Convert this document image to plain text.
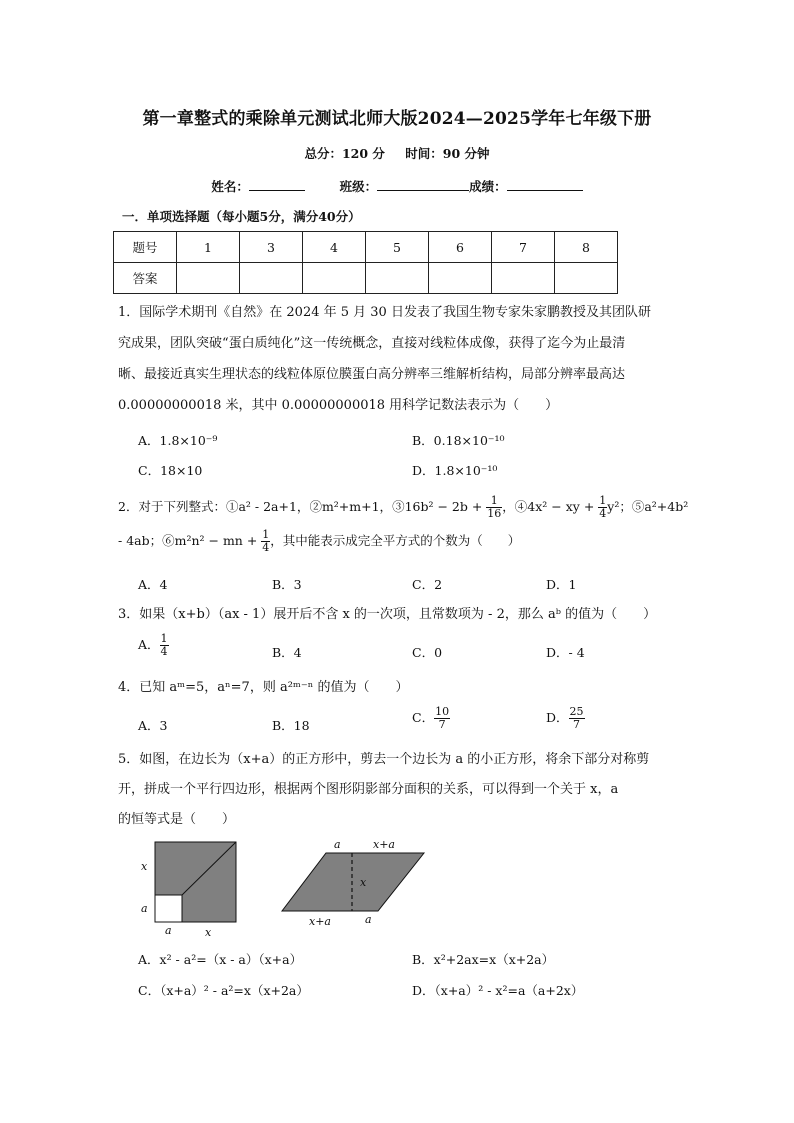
第一章整式的乘除单元测试北师大版2024—2025学年七年级下册
总分：120 分 时间：90 分钟
姓名：	班级：	成绩：
一．单项选择题（每小题5分，满分40分）
题号	1	3	4	5	6	7	8
答案							
1．国际学术期刊《自然》在 2024 年 5 月 30 日发表了我国生物专家朱家鹏教授及其团队研
究成果，团队突破“蛋白质纯化”这一传统概念，直接对线粒体成像，获得了迄今为止最清
晰、最接近真实生理状态的线粒体原位膜蛋白高分辨率三维解析结构，局部分辨率最高达
0.00000000018 米，其中 0.00000000018 用科学记数法表示为（　　）
A．1.8×10⁻⁹	B．0.18×10⁻¹⁰
C．18×10	D．1.8×10⁻¹⁰
2．对于下列整式：①a² - 2a+1，②m²+m+1，③16b² − $2b + \frac{1}{16}$ ，④4x² − xy + $\frac{1}{4} y^2$；⑤a²+4b²
- 4ab；⑥m²n² − mn + $\frac{1}{4}$ ，其中能表示成完全平方式的个数为（　　）
A．4	B．3	C．2	D．1
3．如果（x+b）（ax - 1）展开后不含 x 的一次项，且常数项为 - 2，那么 aᵇ 的值为（　　）
A． $\frac{1}{4}$	B．4	C．0	D．- 4
4．已知 aᵐ=5，aⁿ=7，则 a²ᵐ⁻ⁿ 的值为（　　）
A．3	B．18
C． $\frac{10}{7}$	D． $\frac{25}{7}$
5．如图，在边长为（x+a）的正方形中，剪去一个边长为 a 的小正方形，将余下部分对称剪
开，拼成一个平行四边形，根据两个图形阴影部分面积的关系，可以得到一个关于 x，a
的恒等式是（　　）
x
a
a	x
a	x+a
x
x+a	a
A．x² - a²=（x - a）（x+a）	B．x²+2ax=x（x+2a）
C．（x+a）² - a²=x（x+2a）	D．（x+a）² - x²=a（a+2x）
